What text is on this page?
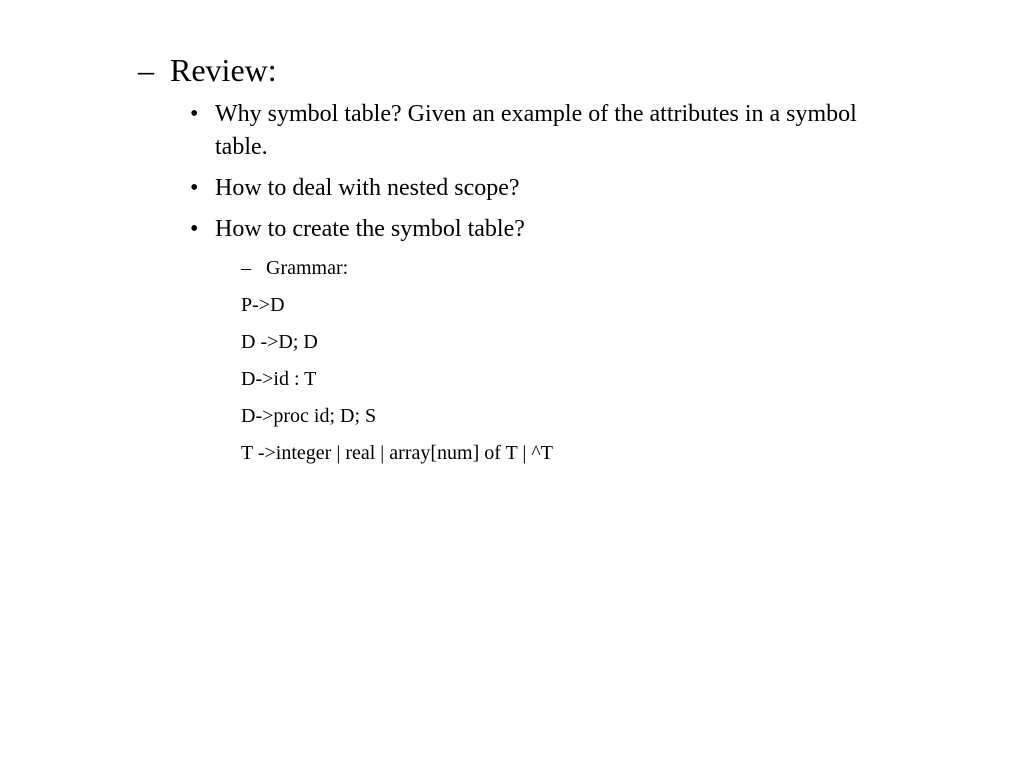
– Review:
• Why symbol table? Given an example of the attributes in a symbol table.
• How to deal with nested scope?
• How to create the symbol table?
– Grammar:
P->D
D ->D; D
D->id : T
D->proc id; D; S
T ->integer | real | array[num] of T | ^T
